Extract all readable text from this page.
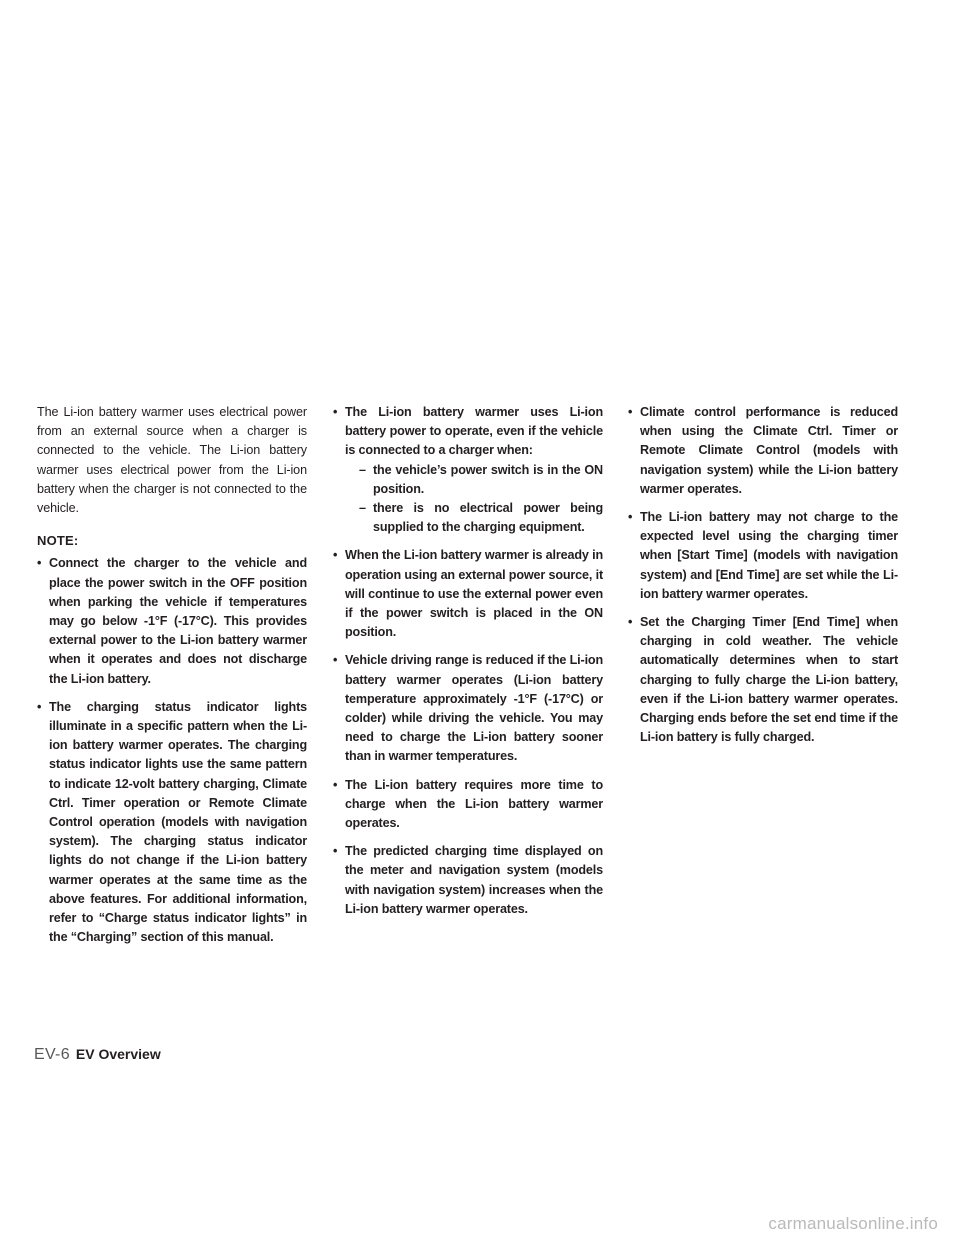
The Li-ion battery warmer uses electrical power from an external source when a charger is connected to the vehicle. The Li-ion battery warmer uses electrical power from the Li-ion battery when the charger is not connected to the vehicle.

NOTE:
• Connect the charger to the vehicle and place the power switch in the OFF position when parking the vehicle if temperatures may go below -1°F (-17°C). This provides external power to the Li-ion battery warmer when it operates and does not discharge the Li-ion battery.
• The charging status indicator lights illuminate in a specific pattern when the Li-ion battery warmer operates. The charging status indicator lights use the same pattern to indicate 12-volt battery charging, Climate Ctrl. Timer operation or Remote Climate Control operation (models with navigation system). The charging status indicator lights do not change if the Li-ion battery warmer operates at the same time as the above features. For additional information, refer to “Charge status indicator lights” in the “Charging” section of this manual.
• The Li-ion battery warmer uses Li-ion battery power to operate, even if the vehicle is connected to a charger when:
– the vehicle’s power switch is in the ON position.
– there is no electrical power being supplied to the charging equipment.
• When the Li-ion battery warmer is already in operation using an external power source, it will continue to use the external power even if the power switch is placed in the ON position.
• Vehicle driving range is reduced if the Li-ion battery warmer operates (Li-ion battery temperature approximately -1°F (-17°C) or colder) while driving the vehicle. You may need to charge the Li-ion battery sooner than in warmer temperatures.
• The Li-ion battery requires more time to charge when the Li-ion battery warmer operates.
• The predicted charging time displayed on the meter and navigation system (models with navigation system) increases when the Li-ion battery warmer operates.
• Climate control performance is reduced when using the Climate Ctrl. Timer or Remote Climate Control (models with navigation system) while the Li-ion battery warmer operates.
• The Li-ion battery may not charge to the expected level using the charging timer when [Start Time] (models with navigation system) and [End Time] are set while the Li-ion battery warmer operates.
• Set the Charging Timer [End Time] when charging in cold weather. The vehicle automatically determines when to start charging to fully charge the Li-ion battery, even if the Li-ion battery warmer operates. Charging ends before the set end time if the Li-ion battery is fully charged.
EV-6 EV Overview
carmanualsonline.info
